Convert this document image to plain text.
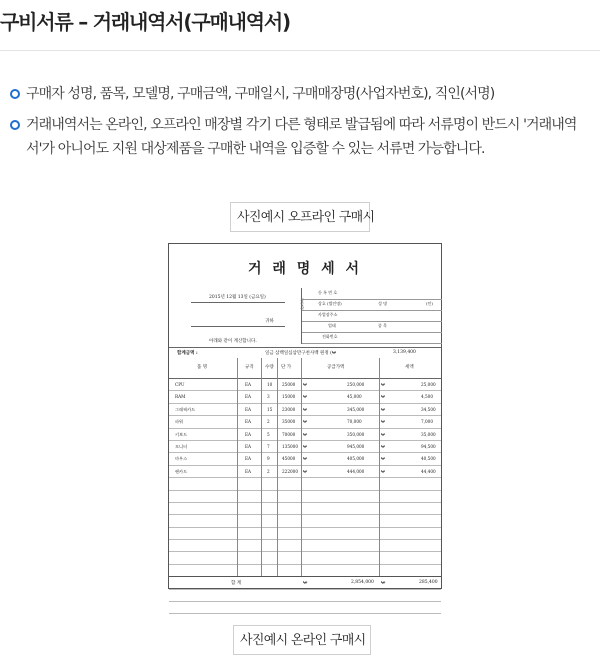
구비서류 – 거래내역서(구매내역서)
구매자 성명, 품목, 모델명, 구매금액, 구매일시, 구매매장명(사업자번호), 직인(서명)
거래내역서는 온라인, 오프라인 매장별 각기 다른 형태로 발급됨에 따라 서류명이 반드시 '거래내역서'가 아니어도 지원 대상제품을 구매한 내역을 입증할 수 있는 서류면 가능합니다.
사진예시 오프라인 구매시
거 래 명 세 서
2015년 12월 13일 (금요일)
귀하
아래와 같이 계산합니다.
공급자
등 록 번 호
상호 (법인명)	성 명	(인)
사업장주소
업태	종 목
전화번호
합계금액 :	일금 삼백일십삼만구천사백 원정 (₩	3,139,400
품 명	규격	수량 단 가	공급가액	세액
CPU	EA	10 25000 ₩	250,000	₩	25,000
RAM	EA	3	15000 ₩	45,000	₩	4,500
그래픽카드	EA	15 23000 ₩	345,000	₩	34,500
파워	EA	2	35000 ₩	70,000	₩	7,000
키보드	EA	5	70000 ₩	350,000	₩	35,000
모니터	EA	7	135000 ₩	945,000	₩	94,500
마우스	EA	9	45000 ₩	405,000	₩	40,500
랜카드	EA	2	222000 ₩	444,000	₩	44,400
합 계	₩	2,854,000 ₩	285,400
사진예시 온라인 구매시
